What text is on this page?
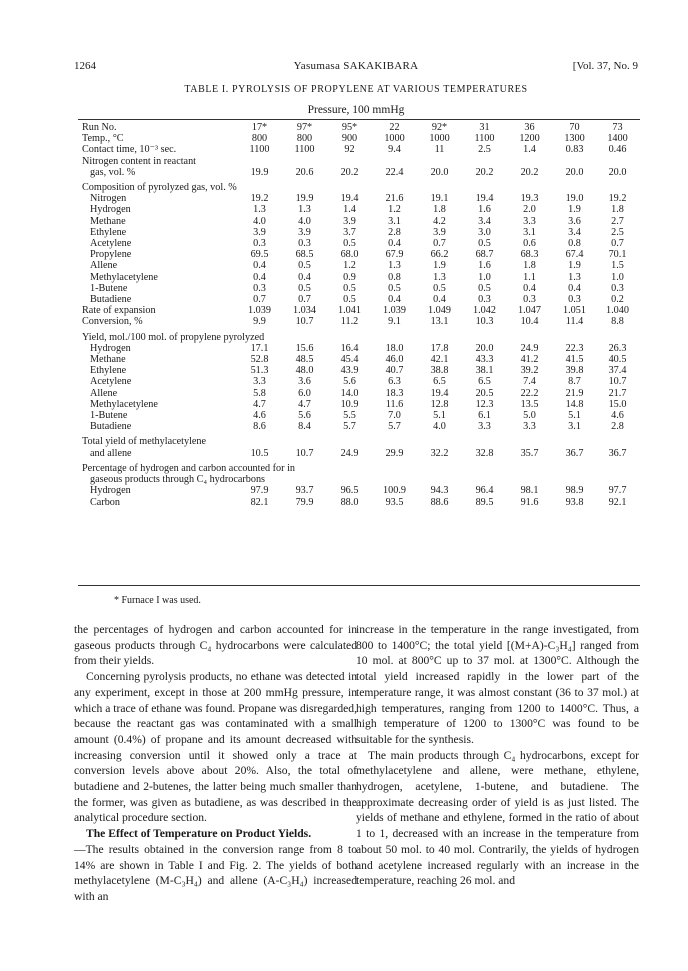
1264	Yasumasa SAKAKIBARA	[Vol. 37, No. 9
TABLE I. PYROLYSIS OF PROPYLENE AT VARIOUS TEMPERATURES
Pressure, 100 mmHg
Run No.	17*	97*	95*	22	92*	31	36	70	73
Temp., °C	800	800	900	1000	1000	1100	1200	1300	1400
Contact time, 10⁻³ sec.	1100	1100	92	9.4	11	2.5	1.4	0.83	0.46
Nitrogen content in reactant									
gas, vol. %	19.9	20.6	20.2	22.4	20.0	20.2	20.2	20.0	20.0
Composition of pyrolyzed gas, vol. %									
Nitrogen	19.2	19.9	19.4	21.6	19.1	19.4	19.3	19.0	19.2
Hydrogen	1.3	1.3	1.4	1.2	1.8	1.6	2.0	1.9	1.8
Methane	4.0	4.0	3.9	3.1	4.2	3.4	3.3	3.6	2.7
Ethylene	3.9	3.9	3.7	2.8	3.9	3.0	3.1	3.4	2.5
Acetylene	0.3	0.3	0.5	0.4	0.7	0.5	0.6	0.8	0.7
Propylene	69.5	68.5	68.0	67.9	66.2	68.7	68.3	67.4	70.1
Allene	0.4	0.5	1.2	1.3	1.9	1.6	1.8	1.9	1.5
Methylacetylene	0.4	0.4	0.9	0.8	1.3	1.0	1.1	1.3	1.0
1-Butene	0.3	0.5	0.5	0.5	0.5	0.5	0.4	0.4	0.3
Butadiene	0.7	0.7	0.5	0.4	0.4	0.3	0.3	0.3	0.2
Rate of expansion	1.039	1.034	1.041	1.039	1.049	1.042	1.047	1.051	1.040
Conversion, %	9.9	10.7	11.2	9.1	13.1	10.3	10.4	11.4	8.8
Yield, mol./100 mol. of propylene pyrolyzed									
Hydrogen	17.1	15.6	16.4	18.0	17.8	20.0	24.9	22.3	26.3
Methane	52.8	48.5	45.4	46.0	42.1	43.3	41.2	41.5	40.5
Ethylene	51.3	48.0	43.9	40.7	38.8	38.1	39.2	39.8	37.4
Acetylene	3.3	3.6	5.6	6.3	6.5	6.5	7.4	8.7	10.7
Allene	5.8	6.0	14.0	18.3	19.4	20.5	22.2	21.9	21.7
Methylacetylene	4.7	4.7	10.9	11.6	12.8	12.3	13.5	14.8	15.0
1-Butene	4.6	5.6	5.5	7.0	5.1	6.1	5.0	5.1	4.6
Butadiene	8.6	8.4	5.7	5.7	4.0	3.3	3.3	3.1	2.8
Total yield of methylacetylene									
and allene	10.5	10.7	24.9	29.9	32.2	32.8	35.7	36.7	36.7
Percentage of hydrogen and carbon accounted for in									
gaseous products through C₄ hydrocarbons									
Hydrogen	97.9	93.7	96.5	100.9	94.3	96.4	98.1	98.9	97.7
Carbon	82.1	79.9	88.0	93.5	88.6	89.5	91.6	93.8	92.1
* Furnace I was used.

the percentages of hydrogen and carbon accounted for in gaseous products through C₄ hydrocarbons were calculated from their yields.

Concerning pyrolysis products, no ethane was detected in any experiment, except in those at 200 mmHg pressure, in which a trace of ethane was found. Propane was disregarded, because the reactant gas was contaminated with a small amount (0.4%) of propane and its amount decreased with increasing conversion until it showed only a trace at conversion levels above about 20%. Also, the total of butadiene and 2-butenes, the latter being much smaller than the former, was given as butadiene, as was described in the analytical procedure section.

The Effect of Temperature on Product Yields.
—The results obtained in the conversion range from 8 to 14% are shown in Table I and Fig. 2. The yields of both methylacetylene (M-C₃H₄) and allene (A-C₃H₄) increased with an

increase in the temperature in the range investigated, from 800 to 1400°C; the total yield [(M+A)-C₃H₄] ranged from 10 mol. at 800°C up to 37 mol. at 1300°C. Although the total yield increased rapidly in the lower part of the temperature range, it was almost constant (36 to 37 mol.) at high temperatures, ranging from 1200 to 1400°C. Thus, a high temperature of 1200 to 1300°C was found to be suitable for the synthesis.

The main products through C₄ hydrocarbons, except for methylacetylene and allene, were methane, ethylene, hydrogen, acetylene, 1-butene, and butadiene. The approximate decreasing order of yield is as just listed. The yields of methane and ethylene, formed in the ratio of about 1 to 1, decreased with an increase in the temperature from about 50 mol. to 40 mol. Contrarily, the yields of hydrogen and acetylene increased regularly with an increase in the temperature, reaching 26 mol. and
